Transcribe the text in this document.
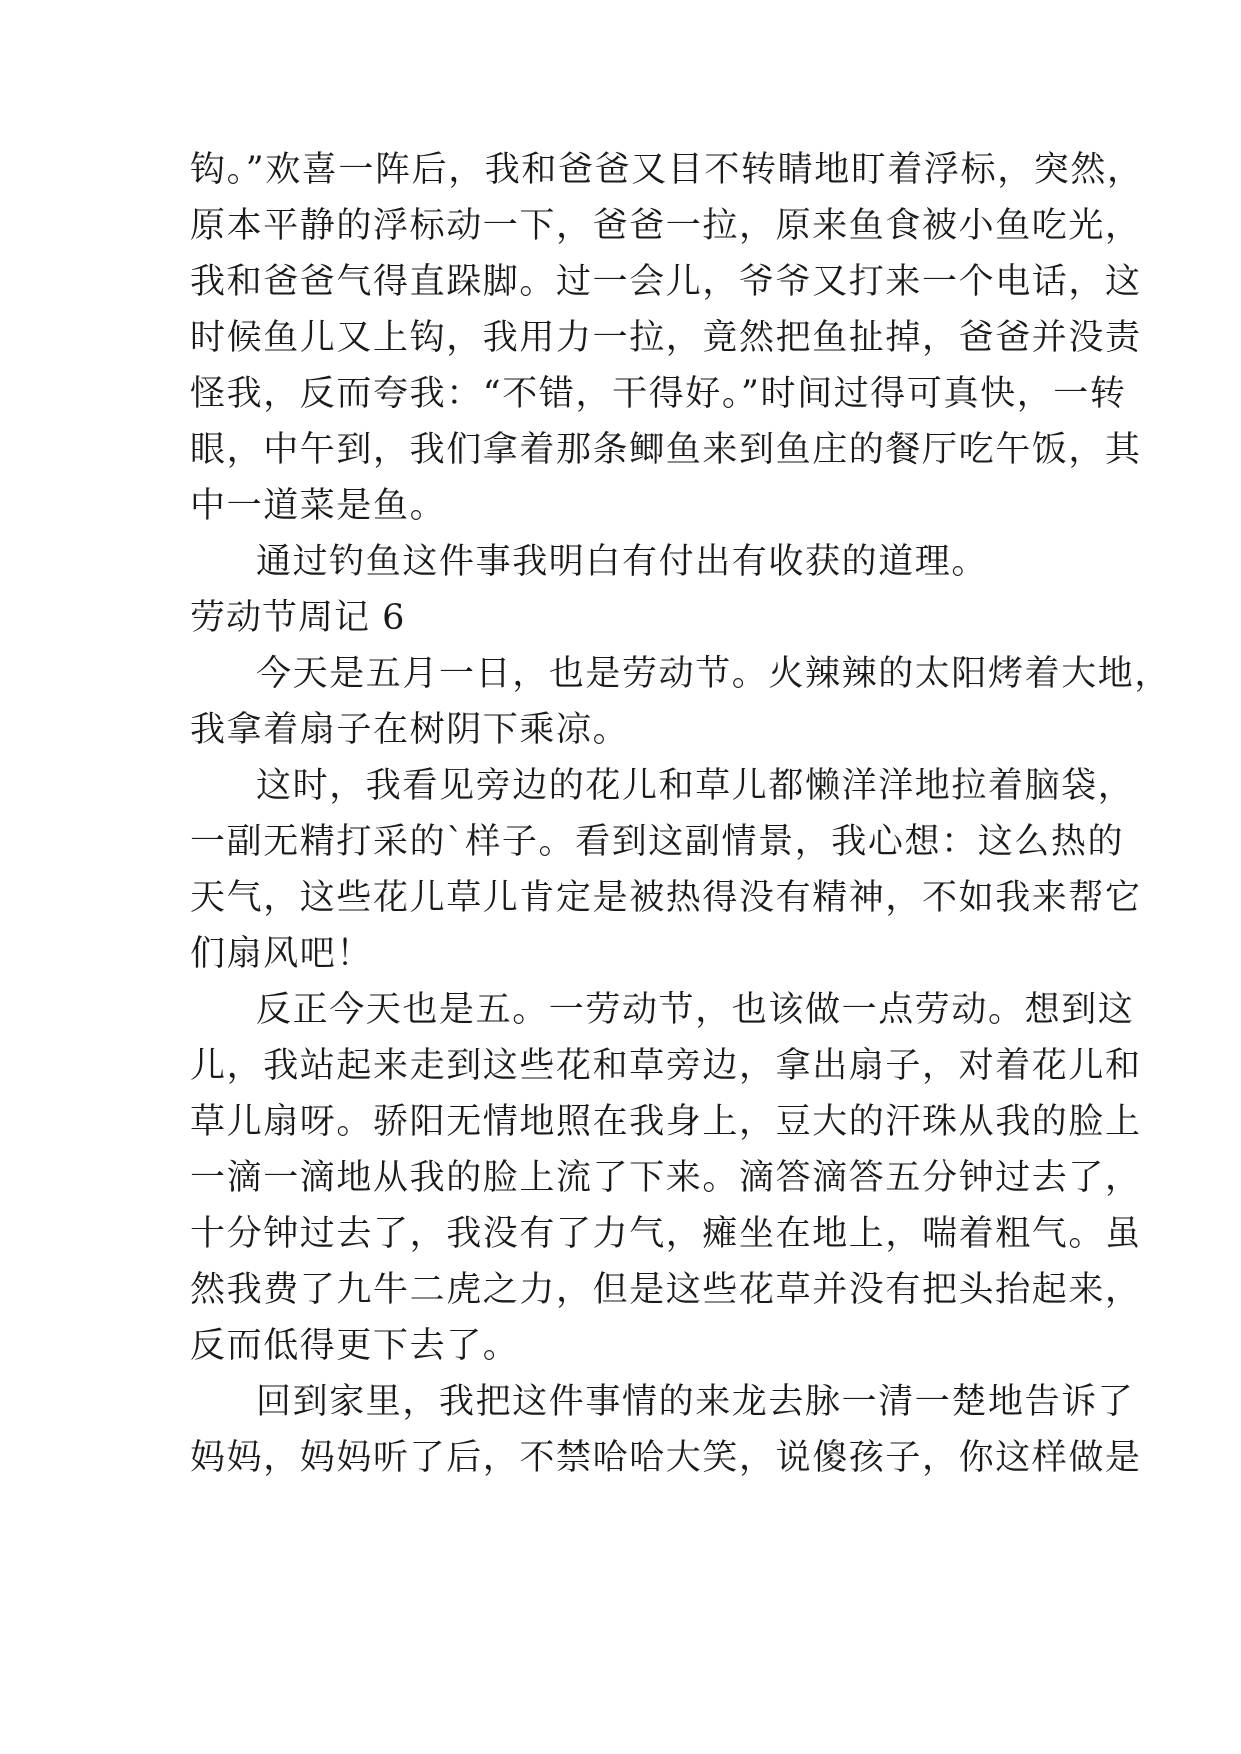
钩。”欢喜一阵后，我和爸爸又目不转睛地盯着浮标，突然，
原本平静的浮标动一下，爸爸一拉，原来鱼食被小鱼吃光，
我和爸爸气得直跺脚。过一会儿，爷爷又打来一个电话，这
时候鱼儿又上钩，我用力一拉，竟然把鱼扯掉，爸爸并没责
怪我，反而夸我：“不错，干得好。”时间过得可真快，一转
眼，中午到，我们拿着那条鲫鱼来到鱼庄的餐厅吃午饭，其
中一道菜是鱼。
通过钓鱼这件事我明白有付出有收获的道理。
劳动节周记 6
今天是五月一日，也是劳动节。火辣辣的太阳烤着大地，
我拿着扇子在树阴下乘凉。
这时，我看见旁边的花儿和草儿都懒洋洋地拉着脑袋，
一副无精打采的`样子。看到这副情景，我心想：这么热的
天气，这些花儿草儿肯定是被热得没有精神，不如我来帮它
们扇风吧！
反正今天也是五。一劳动节，也该做一点劳动。想到这
儿，我站起来走到这些花和草旁边，拿出扇子，对着花儿和
草儿扇呀。骄阳无情地照在我身上，豆大的汗珠从我的脸上
一滴一滴地从我的脸上流了下来。滴答滴答五分钟过去了，
十分钟过去了，我没有了力气，瘫坐在地上，喘着粗气。虽
然我费了九牛二虎之力，但是这些花草并没有把头抬起来，
反而低得更下去了。
回到家里，我把这件事情的来龙去脉一清一楚地告诉了
妈妈，妈妈听了后，不禁哈哈大笑，说傻孩子，你这样做是
